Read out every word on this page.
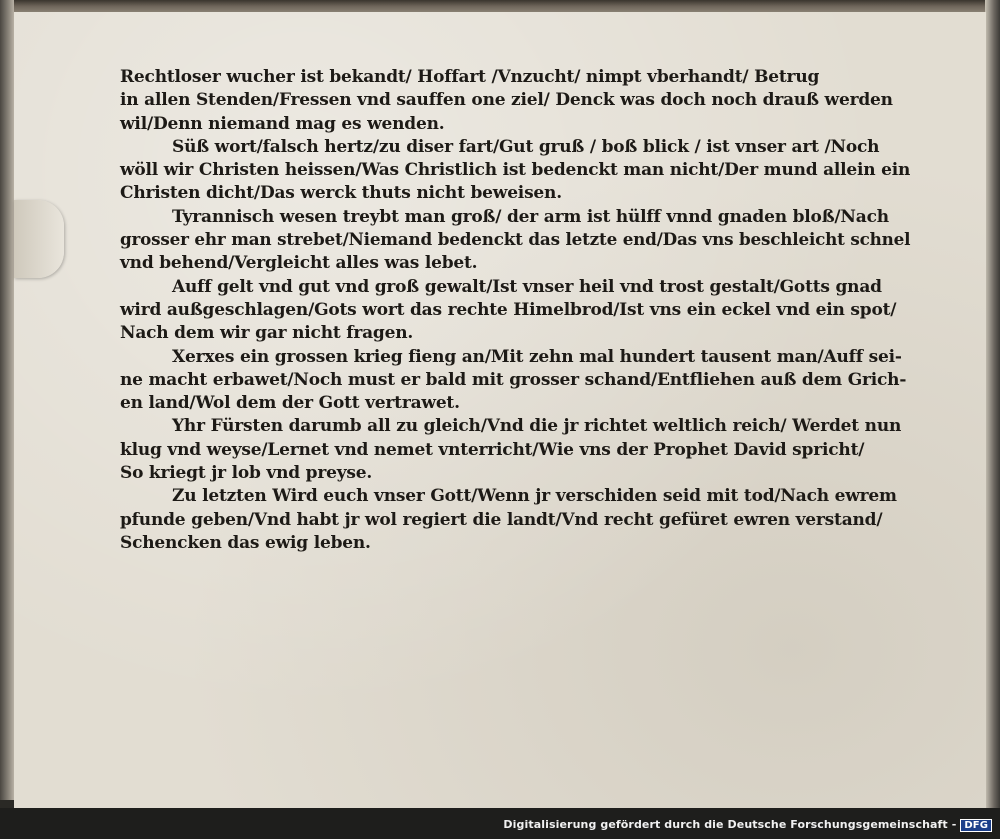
Rechtloser wucher ist bekandt/ Hoffart /Vnzucht/ nimpt vberhandt/ Betrug
in allen Stenden/Fressen vnd sauffen one ziel/ Denck was doch noch drauß werden
wil/Denn niemand mag es wenden.
Süß wort/falsch hertz/zu diser fart/Gut gruß / boß blick / ist vnser art /Noch
wöll wir Christen heissen/Was Christlich ist bedenckt man nicht/Der mund allein ein
Christen dicht/Das werck thuts nicht beweisen.
Tyrannisch wesen treybt man groß/ der arm ist hülff vnnd gnaden bloß/Nach
grosser ehr man strebet/Niemand bedenckt das letzte end/Das vns beschleicht schnel
vnd behend/Vergleicht alles was lebet.
Auff gelt vnd gut vnd groß gewalt/Ist vnser heil vnd trost gestalt/Gotts gnad
wird außgeschlagen/Gots wort das rechte Himelbrod/Ist vns ein eckel vnd ein spot/
Nach dem wir gar nicht fragen.
Xerxes ein grossen krieg fieng an/Mit zehn mal hundert tausent man/Auff sei-
ne macht erbawet/Noch must er bald mit grosser schand/Entfliehen auß dem Grich-
en land/Wol dem der Gott vertrawet.
Yhr Fürsten darumb all zu gleich/Vnd die jr richtet weltlich reich/ Werdet nun
klug vnd weyse/Lernet vnd nemet vnterricht/Wie vns der Prophet David spricht/
So kriegt jr lob vnd preyse.
Zu letzten Wird euch vnser Gott/Wenn jr verschiden seid mit tod/Nach ewrem
pfunde geben/Vnd habt jr wol regiert die landt/Vnd recht gefüret ewren verstand/
Schencken das ewig leben.
Digitalisierung gefördert durch die Deutsche Forschungsgemeinschaft - DFG
